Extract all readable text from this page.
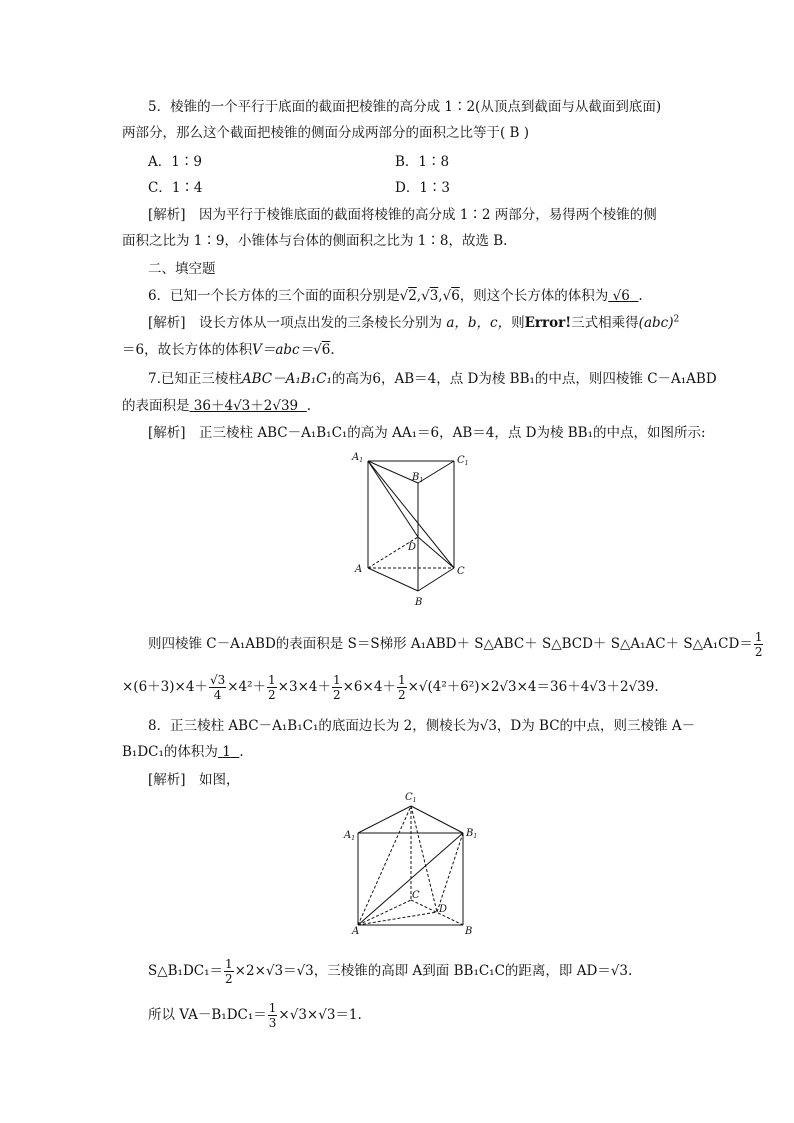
5．棱锥的一个平行于底面的截面把棱锥的高分成 1∶2(从顶点到截面与从截面到底面)
两部分，那么这个截面把棱锥的侧面分成两部分的面积之比等于( B )
A．1∶9	B．1∶8
C．1∶4	D．1∶3
[解析]　因为平行于棱锥底面的截面将棱锥的高分成 1∶2 两部分，易得两个棱锥的侧
面积之比为 1∶9，小锥体与台体的侧面积之比为 1∶8，故选 B.
二、填空题
6．已知一个长方体的三个面的面积分别是√2,√3,√6，则这个长方体的体积为 √6 .
[解析]　设长方体从一项点出发的三条棱长分别为 a，b，c，则Error!三式相乘得(abc)$^2$
＝6，故长方体的体积V＝abc＝√6.
7.已知正三棱柱ABC－A₁B₁C₁的高为6，AB＝4，点 D为棱 BB₁的中点，则四棱锥 C－A₁ABD
的表面积是 36＋4√3＋2√39 .
[解析]　正三棱柱 ABC－A₁B₁C₁的高为 AA₁＝6，AB＝4，点 D为棱 BB₁的中点，如图所示:
$A_1$	$C_1$
$B_1$
D
A	C
B
则四棱锥 C－A₁ABD的表面积是 S＝S梯形 A₁ABD＋ S△ABC＋ S△BCD＋ S△A₁AC＋ S△A₁CD＝ $\frac{1}{2}$
$\times(6+3)\times 4+ \frac{√3}{4} \times 4^2+ \frac{1}{2} \times 3\times 4+ \frac{1}{2} \times 6\times 4+ \frac{1}{2} \times√(4^2+6^2)\times 2√3\times 4=36+4√3+2√39$.
8．正三棱柱 ABC－A₁B₁C₁的底面边长为 2，侧棱长为√3，D为 BC的中点，则三棱锥 A－
B₁DC₁的体积为 1 .
[解析]　如图，
$C_1$
$A_1$	$B_1$
C
D
A	B
S△B₁DC₁＝ $\frac{1}{2} \times 2\times√3=√3$，三棱锥的高即 A到面 BB₁C₁C的距离，即 AD＝√3.
所以 $VA-B_1DC_1= \frac{1}{3} \times√3\times√3=1$.
